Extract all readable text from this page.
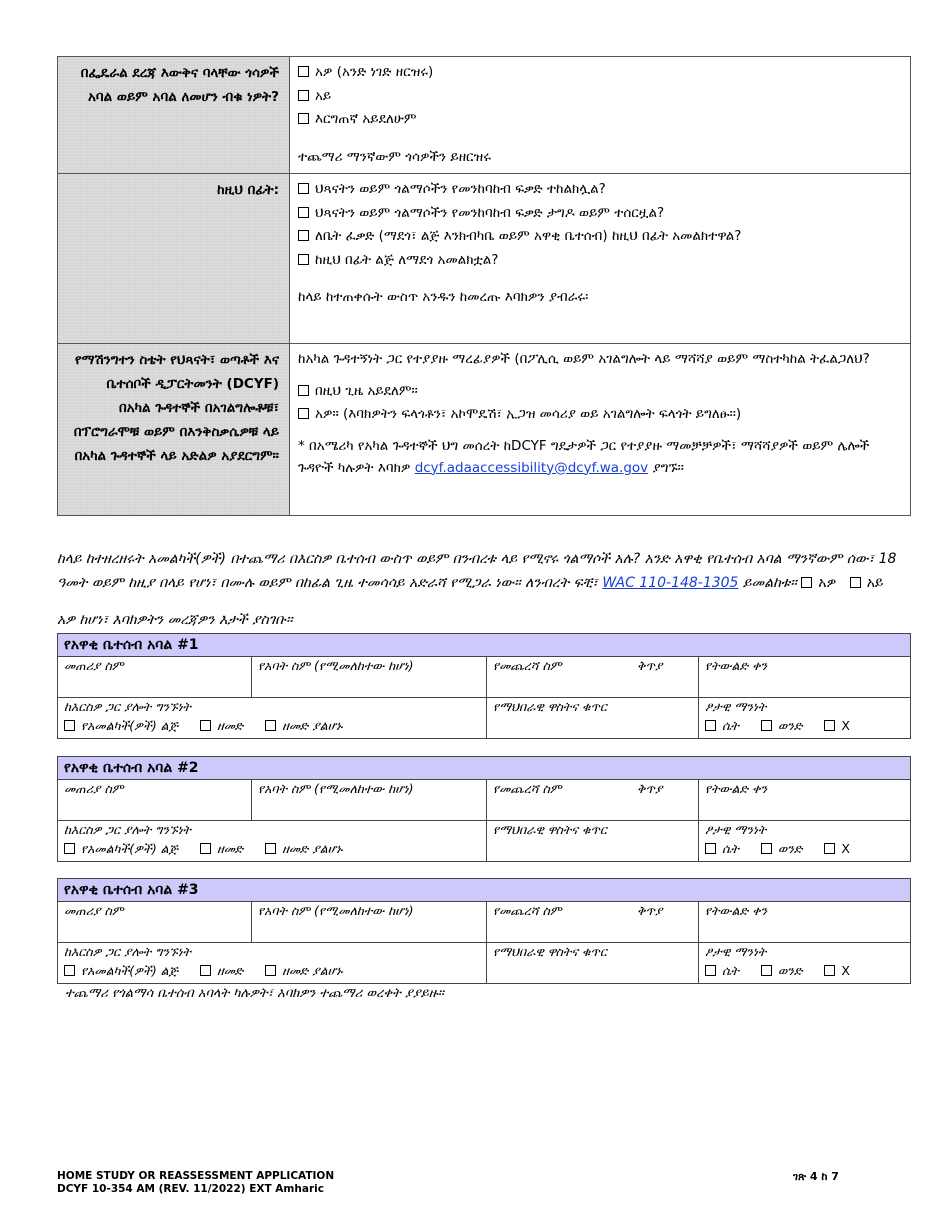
በፌዴራል ደረጃ እውቅና ባላቸው ጎሳዎች አባል ወይም አባል ለመሆን ብቁ ነዎት?	አዎ (አንድ ነገድ ዘርዝሩ)
አይ
እርግጠኛ አይደለሁም
ተጨማሪ ማንኛውም ጎሳዎችን ይዘርዝሩ

ከዚህ በፊት:	ህጻናትን ወይም ጎልማሶችን የመንከባከብ ፍቃድ ተከልክሏል?
ህጻናትን ወይም ጎልማሶችን የመንከባከብ ፍቃድ ታግዶ ወይም ተሰርዟል?
ለቤት ፈቃድ (ማደጎ፣ ልጅ እንክብካቤ ወይም አዋቂ ቤተሰብ) ከዚህ በፊት አመልክተዋል?
ከዚህ በፊት ልጅ ለማደጎ አመልክቷል?
ከላይ ከተጠቀሱት ውስጥ አንዱን ከመረጡ እባክዎን ያብራሩ፡

የማሽንግተን ስቴት የህጻናት፣ ወጣቶች እና ቤተሰቦች ዲፓርትመንት (DCYF) በአካል ጉዳተኞች በአገልግሎቶቹ፣ በፕሮግራሞቹ ወይም በእንቅስቃሴዎቹ ላይ በአካል ጉዳተኞች ላይ አድልዎ አያደርግም።	ከአካል ጉዳተኝነት ጋር የተያያዙ ማረፊያዎች (በፖሊሲ ወይም አገልግሎት ላይ ማሻሻያ ወይም ማስተካከል ትፈልጋለህ?
በዚህ ጊዜ አይደለም።
አዎ። (እባክዎትን ፍላጎቶን፣ አኮሞዴሽ፣ ኢጋዝ መሳሪያ ወይ አገልግሎት ፍላጎት ይግለፁ፡፡)
* በአሜሪካ የአካል ጉዳተኞች ህግ መሰረት ከDCYF ግዴታዎች ጋር የተያያዙ ማመቻቻዎች፣ ማሻሻያዎች ወይም ሌሎች ጉዳዮች ካሉዎት እባክዎ dcyf.adaaccessibility@dcyf.wa.gov ያግኙ።
ከላይ ከተዘረዘሩት አመልካች(ዎች) በተጨማሪ በእርስዎ ቤተሰብ ውስጥ ወይም በንብረቱ ላይ የሚኖሩ ጎልማሶች አሉ? አንድ አዋቂ የቤተሰብ አባል ማንኛውም ሰው፣ 18 ዓመት ወይም ከዚያ በላይ የሆነ፣ በሙሉ ወይም በከፊል ጊዜ ተመሳሳይ አድራሻ የሚጋራ ነው። ለንብረት ፍቺ፣ WAC 110-148-1305 ይመልከቱ። አዎ አይ
አዎ ከሆነ፣ እባክዎትን መረጃዎን እታች ያስገቡ፡፡
የአዋቂ ቤተሰብ አባል #1
መጠሪያ ስም	የአባት ስም (የሚመለከተው ከሆነ)	የመጨረሻ ስም	ቅጥያ	የትውልድ ቀን
ከእርስዎ ጋር ያሎት ግንኙነት
የአመልካች(ዎች) ልጅ	ዘመድ	ዘመድ ያልሆኑ
የማህበራዊ ዋስትና ቁጥር	ፆታዊ ማንነት
ሴት	ወንድ	X
የአዋቂ ቤተሰብ አባል #2
መጠሪያ ስም	የአባት ስም (የሚመለከተው ከሆነ)	የመጨረሻ ስም	ቅጥያ	የትውልድ ቀን
ከእርስዎ ጋር ያሎት ግንኙነት
የአመልካች(ዎች) ልጅ	ዘመድ	ዘመድ ያልሆኑ
የማህበራዊ ዋስትና ቁጥር	ፆታዊ ማንነት
ሴት	ወንድ	X
የአዋቂ ቤተሰብ አባል #3
መጠሪያ ስም	የአባት ስም (የሚመለከተው ከሆነ)	የመጨረሻ ስም	ቅጥያ	የትውልድ ቀን
ከእርስዎ ጋር ያሎት ግንኙነት
የአመልካች(ዎች) ልጅ	ዘመድ	ዘመድ ያልሆኑ
የማህበራዊ ዋስትና ቁጥር	ፆታዊ ማንነት
ሴት	ወንድ	X
ተጨማሪ የጎልማሳ ቤተሰብ አባላት ካሉዎት፣ እባክዎን ተጨማሪ ወረቀት ያያይዙ።
HOME STUDY OR REASSESSMENT APPLICATION
DCYF 10-354 AM (REV. 11/2022) EXT Amharic
ገጽ 4 ከ 7
